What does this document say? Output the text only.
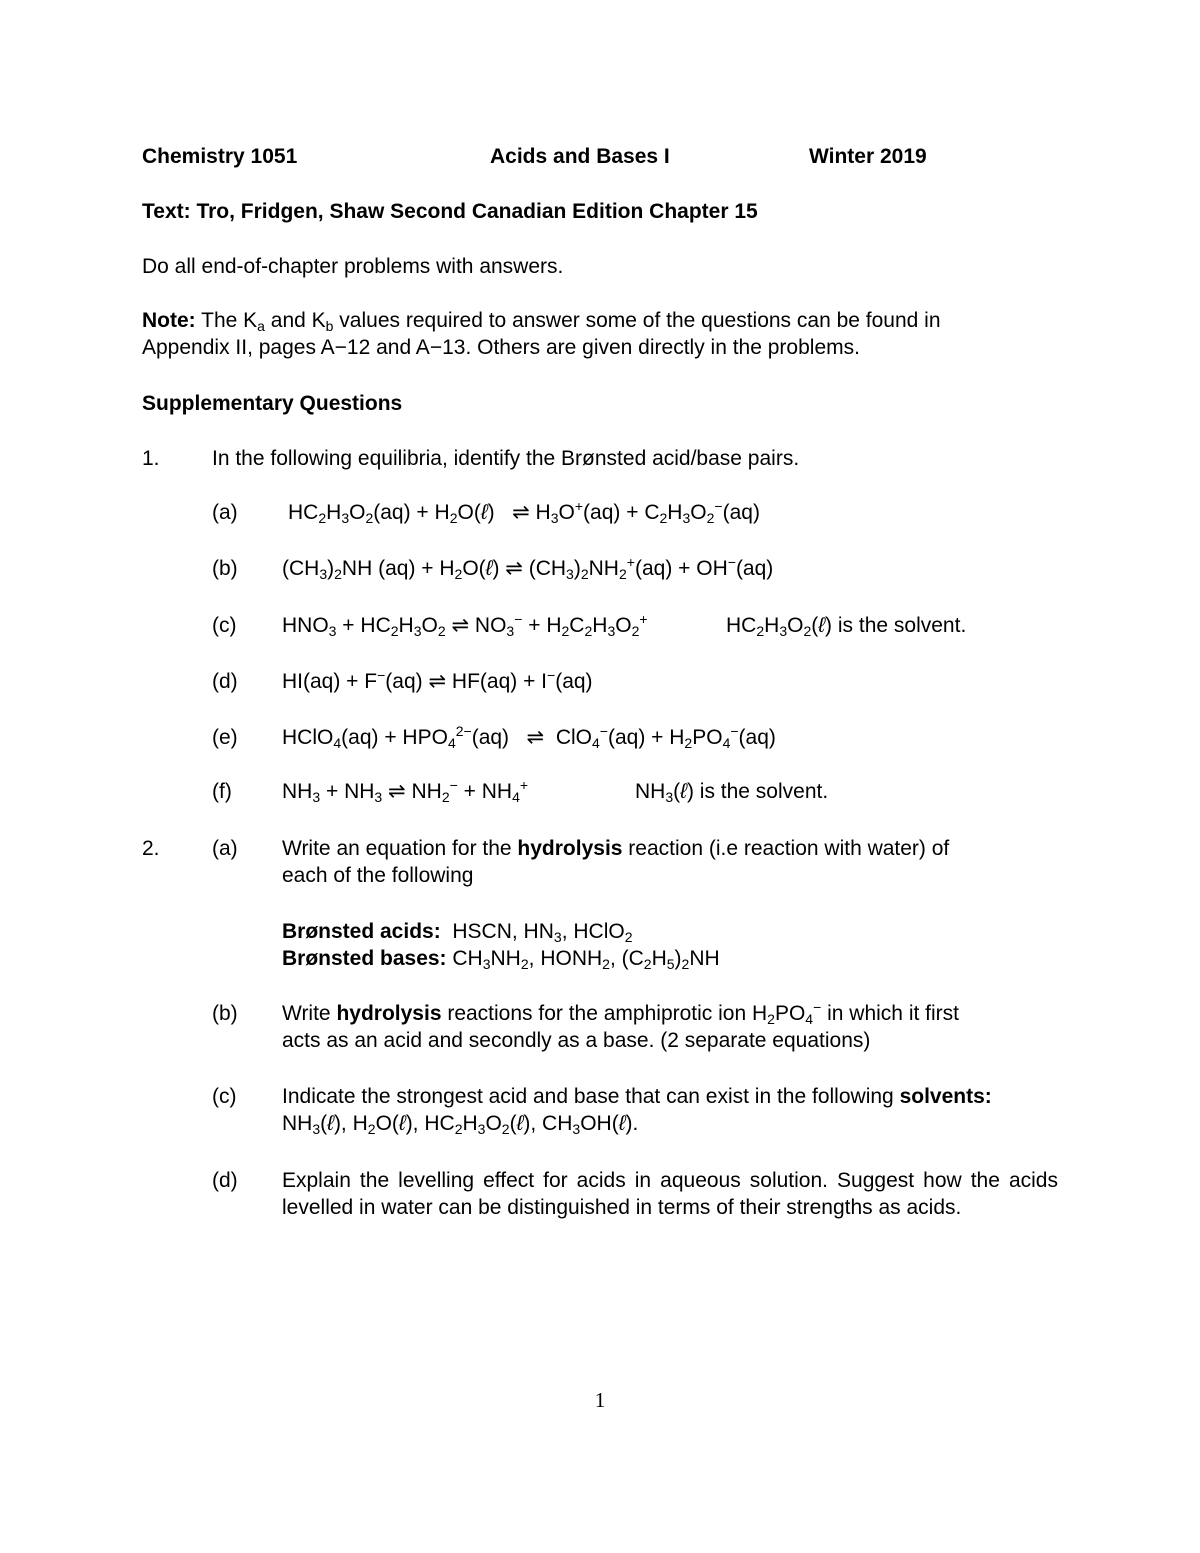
Chemistry 1051	Acids and Bases I	Winter 2019
Text: Tro, Fridgen, Shaw Second Canadian Edition Chapter 15
Do all end-of-chapter problems with answers.
Note: The $K_a$ and $K_b$ values required to answer some of the questions can be found in
Appendix II, pages A−12 and A−13. Others are given directly in the problems.
Supplementary Questions
1. In the following equilibria, identify the Brønsted acid/base pairs.
(a) $HC_2H_3O_2(aq)$ + $H_2O(\ell)$   ⇌ $H_3O^+(aq) + C_2H_3O_2^-(aq)$
(b) $(CH_3)_2NH$ $(aq) + H_2O(\ell)$ ⇌ $(CH_3)_2NH_2^+(aq) + OH^-(aq)$
(c) $HNO_3 + HC_2H_3O_2$ ⇌ $NO_3^- + H_2C_2H_3O_2^+$	$HC_2H_3O_2(\ell)$ is the solvent.
(d) HI(aq) + F−(aq) ⇌ HF(aq) + I−(aq)
(e) HClO$_4$(aq) + $HPO_4^{2-}(aq)$   ⇌  $ClO_4^-(aq) + H_2PO_4^-(aq)$
(f) $NH_3 + NH_3$ ⇌ $NH_2^- + NH_4^+$	$NH_3(\ell)$ is the solvent.
2. (a) Write an equation for the hydrolysis reaction (i.e reaction with water) of
each of the following
Brønsted acids:  HSCN, $HN_3$, HClO$_2$
Brønsted bases: $CH_3NH_2$, $HONH_2$, $(C_2H_5)_2NH$
(b) Write hydrolysis reactions for the amphiprotic ion $H_2PO_4^-$ in which it first
acts as an acid and secondly as a base. (2 separate equations)
(c) Indicate the strongest acid and base that can exist in the following solvents:
$NH_3(\ell)$, $H_2O(\ell)$, $HC_2H_3O_2(\ell)$, $CH_3OH(\ell)$.
(d) Explain the levelling effect for acids in aqueous solution. Suggest how the acids levelled in water can be distinguished in terms of their strengths as acids.
1
